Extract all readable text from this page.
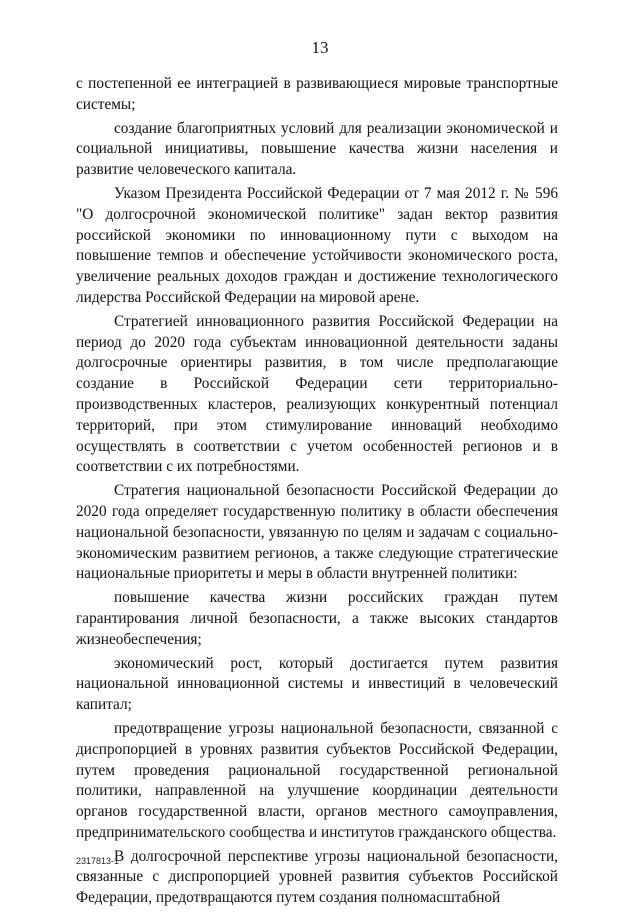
13

с постепенной ее интеграцией в развивающиеся мировые транспортные системы;

создание благоприятных условий для реализации экономической и социальной инициативы, повышение качества жизни населения и развитие человеческого капитала.

Указом Президента Российской Федерации от 7 мая 2012 г. № 596 "О долгосрочной экономической политике" задан вектор развития российской экономики по инновационному пути с выходом на повышение темпов и обеспечение устойчивости экономического роста, увеличение реальных доходов граждан и достижение технологического лидерства Российской Федерации на мировой арене.

Стратегией инновационного развития Российской Федерации на период до 2020 года субъектам инновационной деятельности заданы долгосрочные ориентиры развития, в том числе предполагающие создание в Российской Федерации сети территориально-производственных кластеров, реализующих конкурентный потенциал территорий, при этом стимулирование инноваций необходимо осуществлять в соответствии с учетом особенностей регионов и в соответствии с их потребностями.

Стратегия национальной безопасности Российской Федерации до 2020 года определяет государственную политику в области обеспечения национальной безопасности, увязанную по целям и задачам с социально-экономическим развитием регионов, а также следующие стратегические национальные приоритеты и меры в области внутренней политики:

повышение качества жизни российских граждан путем гарантирования личной безопасности, а также высоких стандартов жизнеобеспечения;

экономический рост, который достигается путем развития национальной инновационной системы и инвестиций в человеческий капитал;

предотвращение угрозы национальной безопасности, связанной с диспропорцией в уровнях развития субъектов Российской Федерации, путем проведения рациональной государственной региональной политики, направленной на улучшение координации деятельности органов государственной власти, органов местного самоуправления, предпринимательского сообщества и институтов гражданского общества.

В долгосрочной перспективе угрозы национальной безопасности, связанные с диспропорцией уровней развития субъектов Российской Федерации, предотвращаются путем создания полномасштабной

2317813-1
